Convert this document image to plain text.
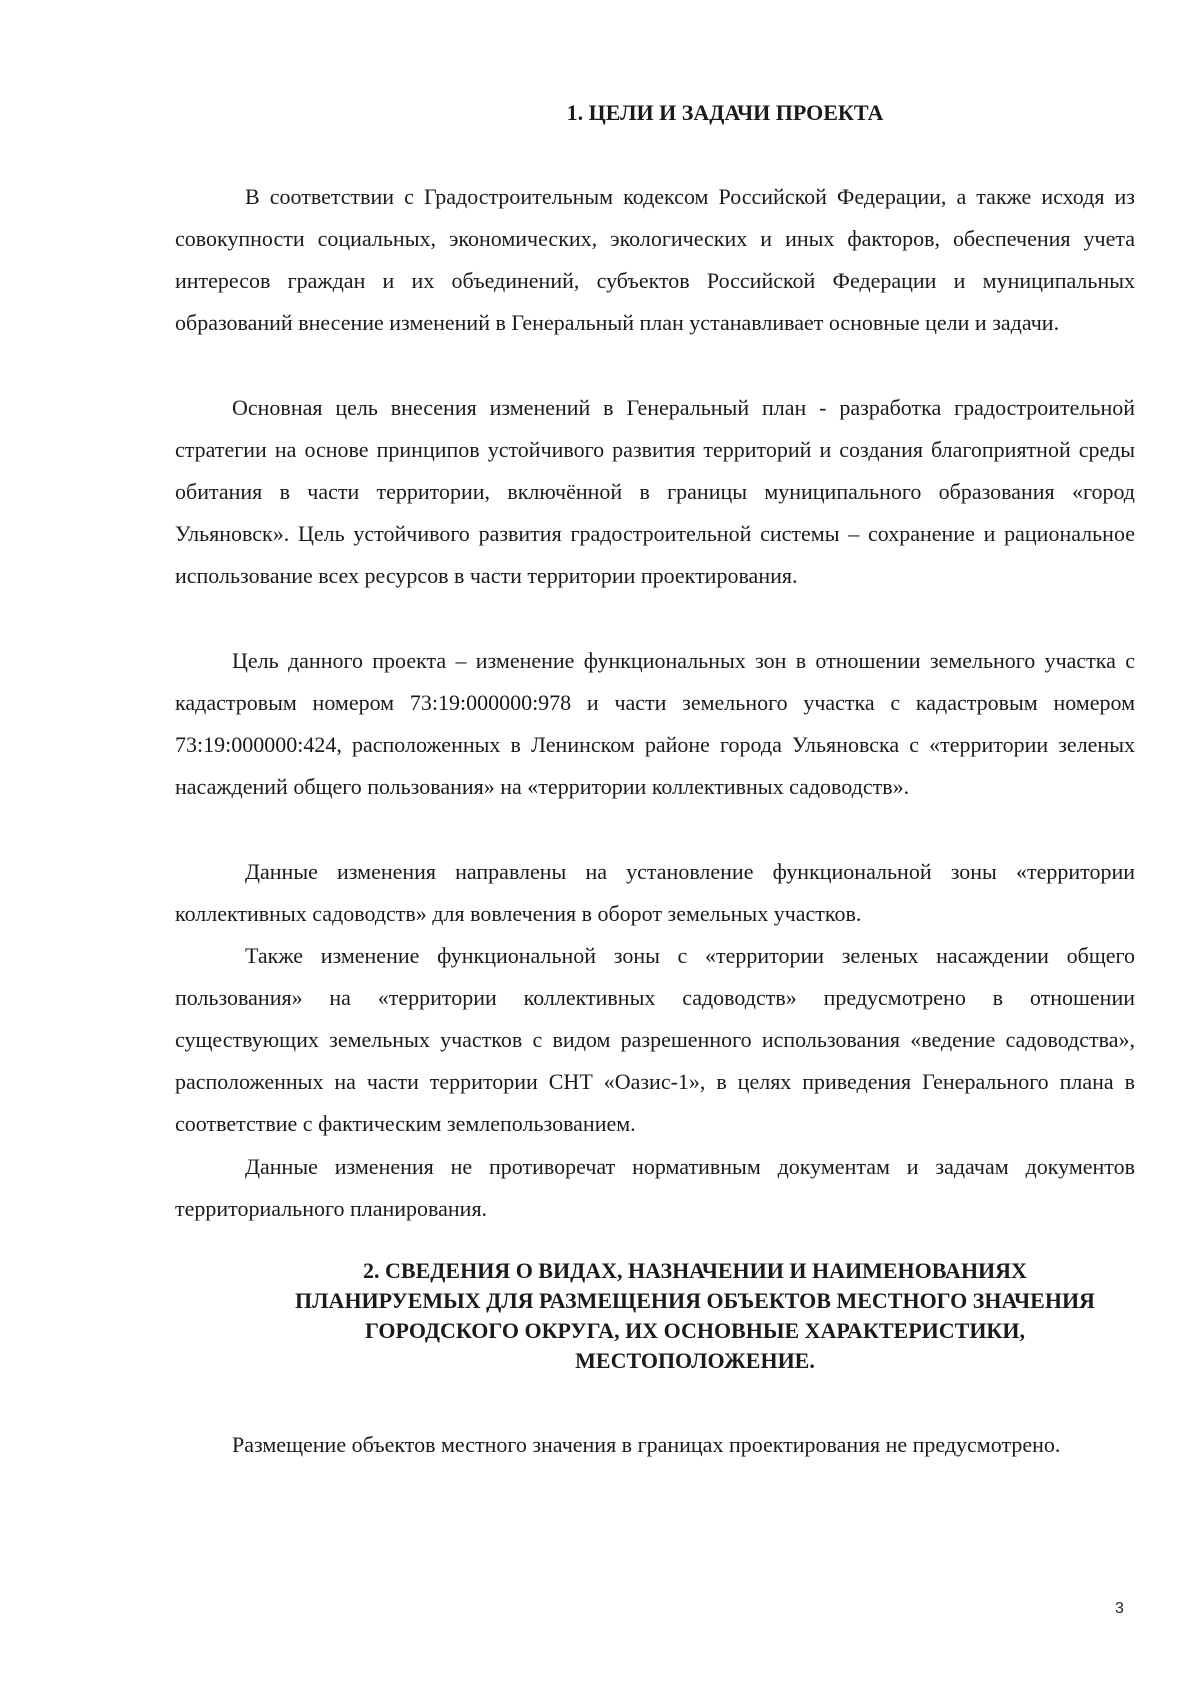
1. ЦЕЛИ И ЗАДАЧИ ПРОЕКТА

В соответствии с Градостроительным кодексом Российской Федерации, а также исходя из совокупности социальных, экономических, экологических и иных факторов, обеспечения учета интересов граждан и их объединений, субъектов Российской Федерации и муниципальных образований внесение изменений в Генеральный план устанавливает основные цели и задачи.

Основная цель внесения изменений в Генеральный план - разработка градостроительной стратегии на основе принципов устойчивого развития территорий и создания благоприятной среды обитания в части территории, включённой в границы муниципального образования «город Ульяновск». Цель устойчивого развития градостроительной системы – сохранение и рациональное использование всех ресурсов в части территории проектирования.

Цель данного проекта – изменение функциональных зон в отношении земельного участка с кадастровым номером 73:19:000000:978 и части земельного участка с кадастровым номером 73:19:000000:424, расположенных в Ленинском районе города Ульяновска с «территории зеленых насаждений общего пользования» на «территории коллективных садоводств».

Данные изменения направлены на установление функциональной зоны «территории коллективных садоводств» для вовлечения в оборот земельных участков.

Также изменение функциональной зоны с «территории зеленых насаждении общего пользования» на «территории коллективных садоводств» предусмотрено в отношении существующих земельных участков с видом разрешенного использования «ведение садоводства», расположенных на части территории СНТ «Оазис-1», в целях приведения Генерального плана в соответствие с фактическим землепользованием.

Данные изменения не противоречат нормативным документам и задачам документов территориального планирования.

2. СВЕДЕНИЯ О ВИДАХ, НАЗНАЧЕНИИ И НАИМЕНОВАНИЯХ
ПЛАНИРУЕМЫХ ДЛЯ РАЗМЕЩЕНИЯ ОБЪЕКТОВ МЕСТНОГО ЗНАЧЕНИЯ
ГОРОДСКОГО ОКРУГА, ИХ ОСНОВНЫЕ ХАРАКТЕРИСТИКИ,
МЕСТОПОЛОЖЕНИЕ.

Размещение объектов местного значения в границах проектирования не предусмотрено.

3
